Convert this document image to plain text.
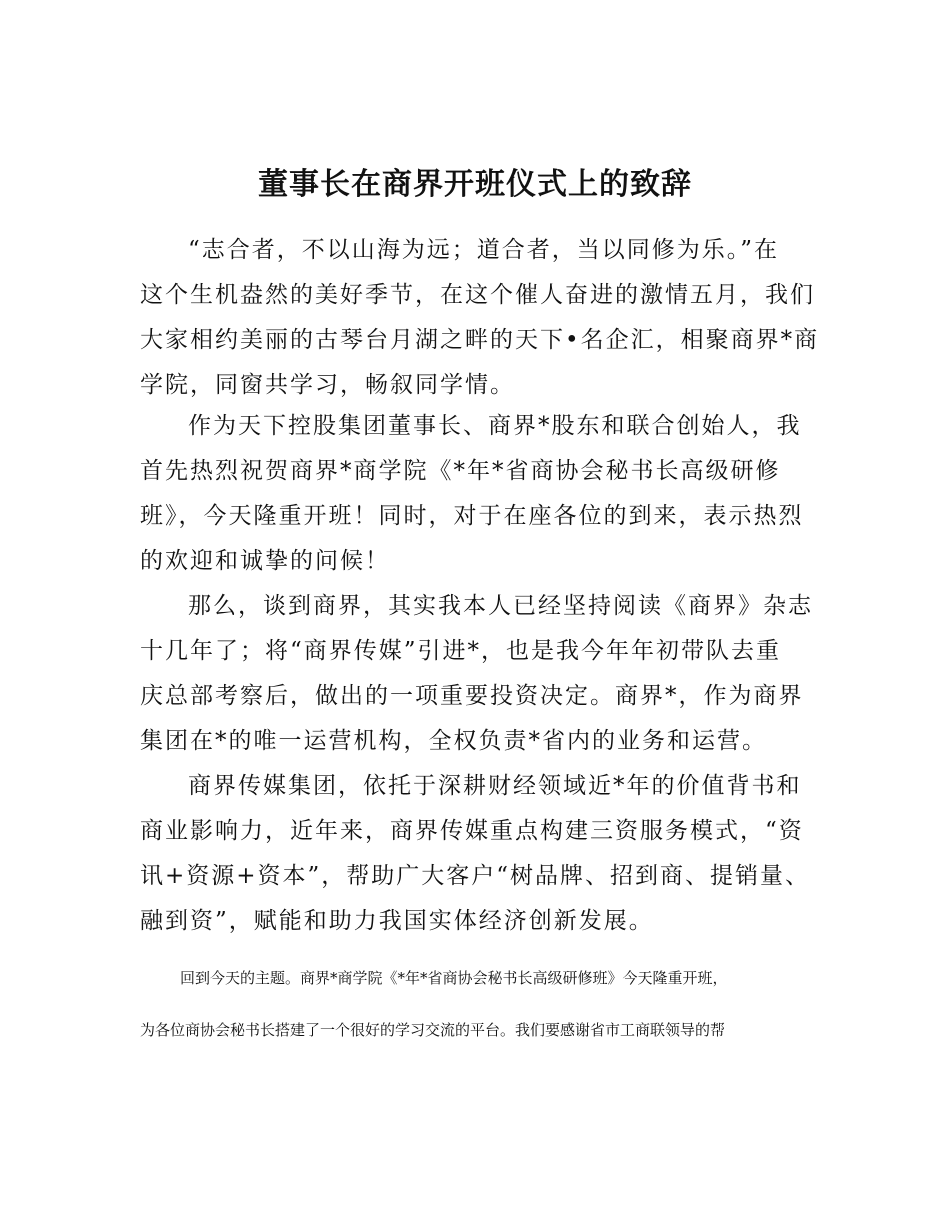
董事长在商界开班仪式上的致辞

“志合者，不以山海为远；道合者，当以同修为乐。”在
这个生机盎然的美好季节，在这个催人奋进的激情五月，我们
大家相约美丽的古琴台月湖之畔的天下•名企汇，相聚商界*商
学院，同窗共学习，畅叙同学情。

作为天下控股集团董事长、商界*股东和联合创始人，我
首先热烈祝贺商界*商学院《*年*省商协会秘书长高级研修
班》，今天隆重开班！同时，对于在座各位的到来，表示热烈
的欢迎和诚挚的问候！

那么，谈到商界，其实我本人已经坚持阅读《商界》杂志
十几年了；将“商界传媒”引进*，也是我今年年初带队去重
庆总部考察后，做出的一项重要投资决定。商界*，作为商界
集团在*的唯一运营机构，全权负责*省内的业务和运营。

商界传媒集团，依托于深耕财经领域近*年的价值背书和
商业影响力，近年来，商界传媒重点构建三资服务模式，“资
讯+资源+资本”，帮助广大客户“树品牌、招到商、提销量、
融到资”，赋能和助力我国实体经济创新发展。

回到今天的主题。商界*商学院《*年*省商协会秘书长高级研修班》今天隆重开班，
为各位商协会秘书长搭建了一个很好的学习交流的平台。我们要感谢省市工商联领导的帮
